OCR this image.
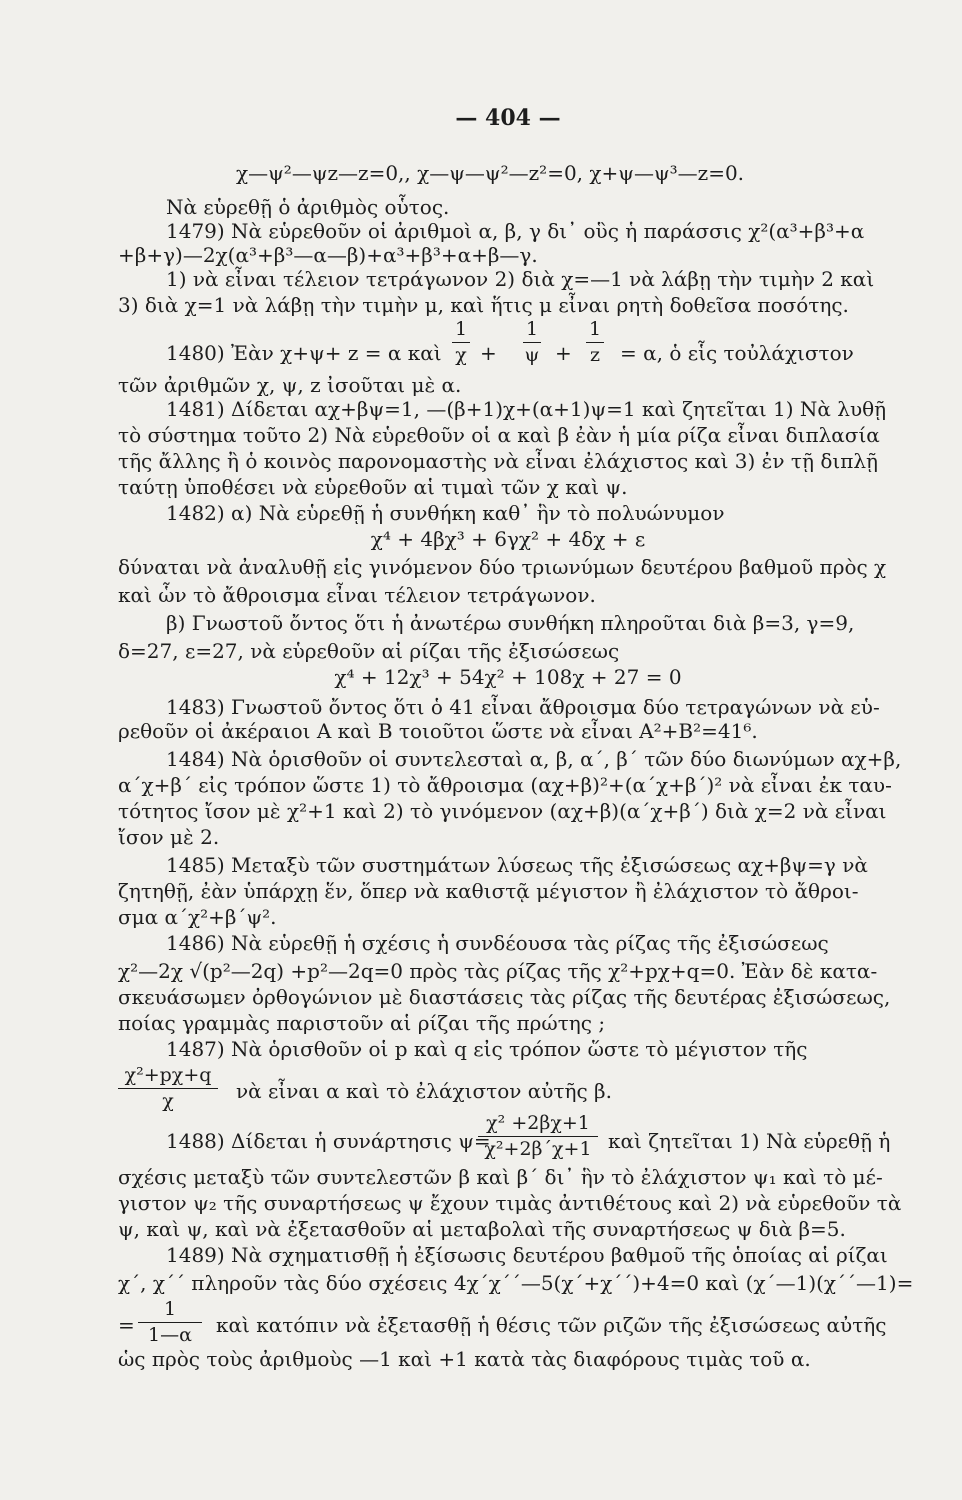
— 404 —
χ—ψ²—ψz—z=0,, χ—ψ—ψ²—z²=0, χ+ψ—ψ³—z=0.
Νὰ εὑρεθῇ ὁ ἀριθμὸς οὗτος.
1479) Νὰ εὑρεθοῦν οἱ ἀριθμοὶ α, β, γ δι᾽ οὓς ἡ παράσσις χ²(α³+β³+α
+β+γ)—2χ(α³+β³—α—β)+α³+β³+α+β—γ.
1) νὰ εἶναι τέλειον τετράγωνον 2) διὰ χ=—1 νὰ λάβῃ τὴν τιμὴν 2 καὶ
3) διὰ χ=1 νὰ λάβῃ τὴν τιμὴν μ, καὶ ἥτις μ εἶναι ρητὴ δοθεῖσα ποσότης.
1480) Ἐὰν χ+ψ+ z = α καὶ
1
χ +
1
ψ +
1
z = α, ὁ εἷς τοὐλάχιστον
τῶν ἀριθμῶν χ, ψ, z ἰσοῦται μὲ α.
1481) Δίδεται αχ+βψ=1, —(β+1)χ+(α+1)ψ=1 καὶ ζητεῖται 1) Νὰ λυθῇ
τὸ σύστημα τοῦτο 2) Νὰ εὑρεθοῦν οἱ α καὶ β ἐὰν ἡ μία ρίζα εἶναι διπλασία
τῆς ἄλλης ἢ ὁ κοινὸς παρονομαστὴς νὰ εἶναι ἐλάχιστος καὶ 3) ἐν τῇ διπλῇ
ταύτῃ ὑποθέσει νὰ εὑρεθοῦν αἱ τιμαὶ τῶν χ καὶ ψ.
1482) α) Νὰ εὑρεθῇ ἡ συνθήκη καθ᾽ ἣν τὸ πολυώνυμον
χ⁴ + 4βχ³ + 6γχ² + 4δχ + ε
δύναται νὰ ἀναλυθῇ εἰς γινόμενον δύο τριωνύμων δευτέρου βαθμοῦ πρὸς χ
καὶ ὧν τὸ ἄθροισμα εἶναι τέλειον τετράγωνον.
β) Γνωστοῦ ὄντος ὅτι ἡ ἀνωτέρω συνθήκη πληροῦται διὰ β=3, γ=9,
δ=27, ε=27, νὰ εὑρεθοῦν αἱ ρίζαι τῆς ἐξισώσεως
χ⁴ + 12χ³ + 54χ² + 108χ + 27 = 0
1483) Γνωστοῦ ὄντος ὅτι ὁ 41 εἶναι ἄθροισμα δύο τετραγώνων νὰ εὑ-
ρεθοῦν οἱ ἀκέραιοι Α καὶ Β τοιοῦτοι ὥστε νὰ εἶναι Α²+Β²=41⁶.
1484) Νὰ ὁρισθοῦν οἱ συντελεσταὶ α, β, α΄, β΄ τῶν δύο διωνύμων αχ+β,
α΄χ+β΄ εἰς τρόπον ὥστε 1) τὸ ἄθροισμα (αχ+β)²+(α΄χ+β΄)² νὰ εἶναι ἐκ ταυ-
τότητος ἴσον μὲ χ²+1 καὶ 2) τὸ γινόμενον (αχ+β)(α΄χ+β΄) διὰ χ=2 νὰ εἶναι
ἴσον μὲ 2.
1485) Μεταξὺ τῶν συστημάτων λύσεως τῆς ἐξισώσεως αχ+βψ=γ νὰ
ζητηθῇ, ἐὰν ὑπάρχῃ ἕν, ὅπερ νὰ καθιστᾷ μέγιστον ἢ ἐλάχιστον τὸ ἄθροι-
σμα α΄χ²+β΄ψ².
1486) Νὰ εὑρεθῇ ἡ σχέσις ἡ συνδέουσα τὰς ρίζας τῆς ἐξισώσεως
χ²—2χ √(p²—2q) +p²—2q=0 πρὸς τὰς ρίζας τῆς χ²+pχ+q=0. Ἐὰν δὲ κατα-
σκευάσωμεν ὀρθογώνιον μὲ διαστάσεις τὰς ρίζας τῆς δευτέρας ἐξισώσεως,
ποίας γραμμὰς παριστοῦν αἱ ρίζαι τῆς πρώτης ;
1487) Νὰ ὁρισθοῦν οἱ p καὶ q εἰς τρόπον ὥστε τὸ μέγιστον τῆς
χ²+pχ+q
χ	νὰ εἶναι α καὶ τὸ ἐλάχιστον αὐτῆς β.
1488) Δίδεται ἡ συνάρτησις ψ=
χ² +2βχ+1
χ²+2β΄χ+1 καὶ ζητεῖται 1) Νὰ εὑρεθῇ ἡ
σχέσις μεταξὺ τῶν συντελεστῶν β καὶ β΄ δι᾽ ἣν τὸ ἐλάχιστον ψ₁ καὶ τὸ μέ-
γιστον ψ₂ τῆς συναρτήσεως ψ ἔχουν τιμὰς ἀντιθέτους καὶ 2) νὰ εὑρεθοῦν τὰ
ψ, καὶ ψ, καὶ νὰ ἐξετασθοῦν αἱ μεταβολαὶ τῆς συναρτήσεως ψ διὰ β=5.
1489) Νὰ σχηματισθῇ ἡ ἐξίσωσις δευτέρου βαθμοῦ τῆς ὁποίας αἱ ρίζαι
χ΄, χ΄΄ πληροῦν τὰς δύο σχέσεις 4χ΄χ΄΄—5(χ΄+χ΄΄)+4=0 καὶ (χ΄—1)(χ΄΄—1)=
=
1
1—α	καὶ κατόπιν νὰ ἐξετασθῇ ἡ θέσις τῶν ριζῶν τῆς ἐξισώσεως αὐτῆς
ὡς πρὸς τοὺς ἀριθμοὺς —1 καὶ +1 κατὰ τὰς διαφόρους τιμὰς τοῦ α.
